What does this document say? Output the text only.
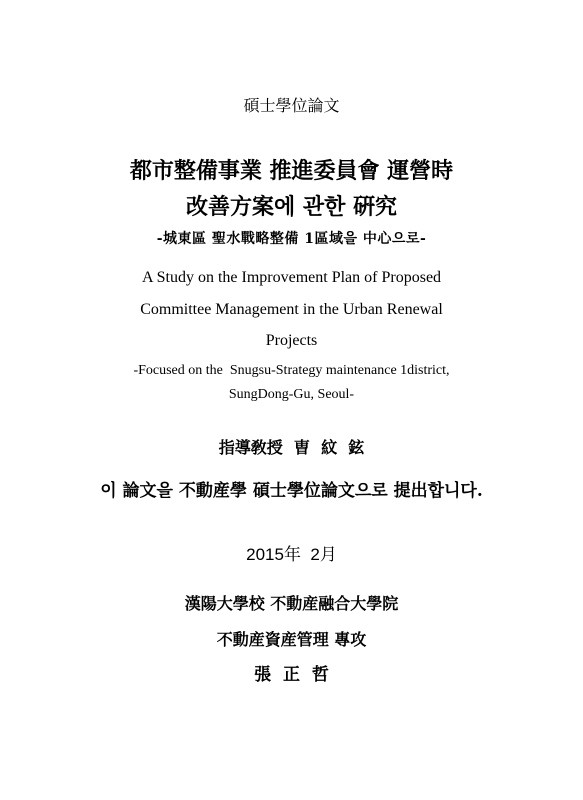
碩士學位論文
都市整備事業 推進委員會 運營時
改善方案에 관한 硏究
-城東區 聖水戰略整備 1區域을 中心으로-
A Study on the Improvement Plan of Proposed
Committee Management in the Urban Renewal
Projects
-Focused on the  Snugsu-Strategy maintenance 1district,
SungDong-Gu, Seoul-
指導敎授  曺  紋  鉉
이 論文을 不動産學 碩士學位論文으로 提出합니다.
2015年  2月
漢陽大學校 不動産融合大學院
不動産資産管理 專攻
張  正  哲
